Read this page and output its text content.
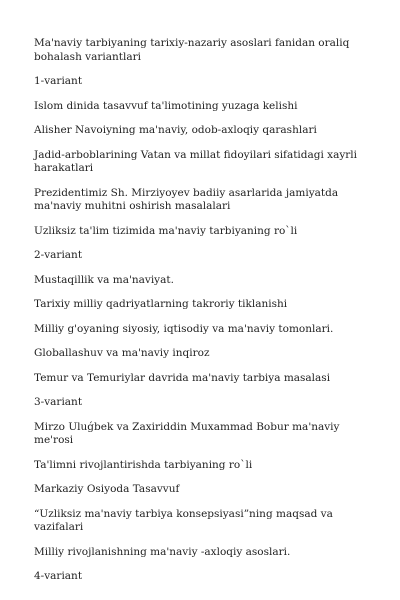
Ma'naviy tarbiyaning tarixiy-nazariy asoslari fanidan oraliq bohalash variantlari

1-variant

Islom dinida tasavvuf ta'limotining yuzaga kelishi

Alisher Navoiyning ma'naviy, odob-axloqiy qarashlari

Jadid-arboblarining Vatan va millat fidoyilari sifatidagi xayrli harakatlari

Prezidentimiz Sh. Mirziyoyev badiiy asarlarida jamiyatda ma'naviy muhitni oshirish masalalari

Uzliksiz ta'lim tizimida ma'naviy tarbiyaning ro`li

2-variant

Mustaqillik va ma'naviyat.

Tarixiy milliy qadriyatlarning takroriy tiklanishi

Milliy g'oyaning siyosiy, iqtisodiy va ma'naviy tomonlari.

Globallashuv va ma'naviy inqiroz

Temur va Temuriylar davrida ma'naviy tarbiya masalasi

3-variant

Mirzo Uluǵbek va Zaxiriddin Muxammad Bobur ma'naviy me'rosi

Ta'limni rivojlantirishda tarbiyaning ro`li

Markaziy Osiyoda Tasavvuf

“Uzliksiz ma'naviy tarbiya konsepsiyasi”ning maqsad va vazifalari

Milliy rivojlanishning ma'naviy -axloqiy asoslari.

4-variant
